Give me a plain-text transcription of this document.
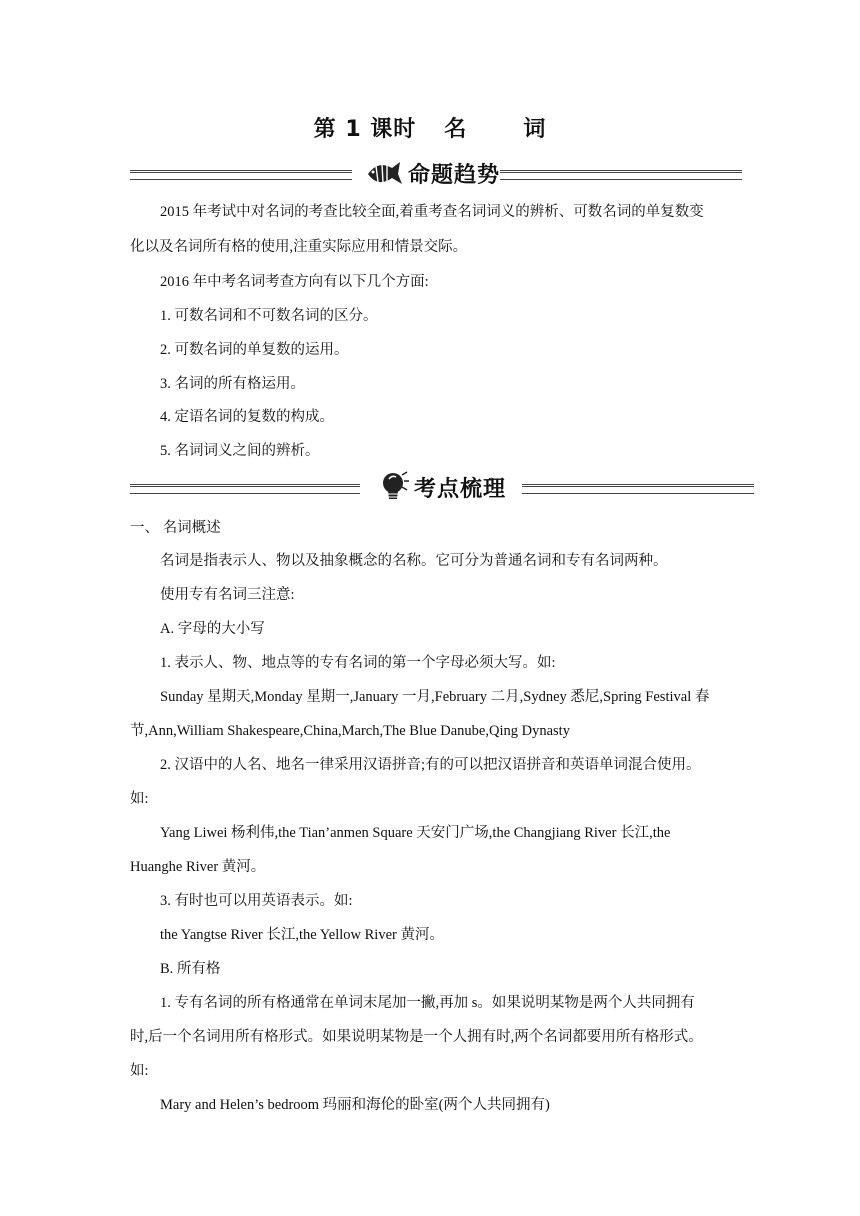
第 1 课时 名	词
命题趋势
2015 年考试中对名词的考查比较全面,着重考查名词词义的辨析、可数名词的单复数变
化以及名词所有格的使用,注重实际应用和情景交际。
2016 年中考名词考查方向有以下几个方面:
1. 可数名词和不可数名词的区分。
2. 可数名词的单复数的运用。
3. 名词的所有格运用。
4. 定语名词的复数的构成。
5. 名词词义之间的辨析。
考点梳理
一、 名词概述
名词是指表示人、物以及抽象概念的名称。它可分为普通名词和专有名词两种。
使用专有名词三注意:
A. 字母的大小写
1. 表示人、物、地点等的专有名词的第一个字母必须大写。如:
Sunday 星期天,Monday 星期一,January 一月,February 二月,Sydney 悉尼,Spring Festival 春
节,Ann,William Shakespeare,China,March,The Blue Danube,Qing Dynasty
2. 汉语中的人名、地名一律采用汉语拼音;有的可以把汉语拼音和英语单词混合使用。
如:
Yang Liwei 杨利伟,the Tian’anmen Square 天安门广场,the Changjiang River 长江,the
Huanghe River 黄河。
3. 有时也可以用英语表示。如:
the Yangtse River 长江,the Yellow River 黄河。
B. 所有格
1. 专有名词的所有格通常在单词末尾加一撇,再加 s。如果说明某物是两个人共同拥有
时,后一个名词用所有格形式。如果说明某物是一个人拥有时,两个名词都要用所有格形式。
如:
Mary and Helen’s bedroom 玛丽和海伦的卧室(两个人共同拥有)
